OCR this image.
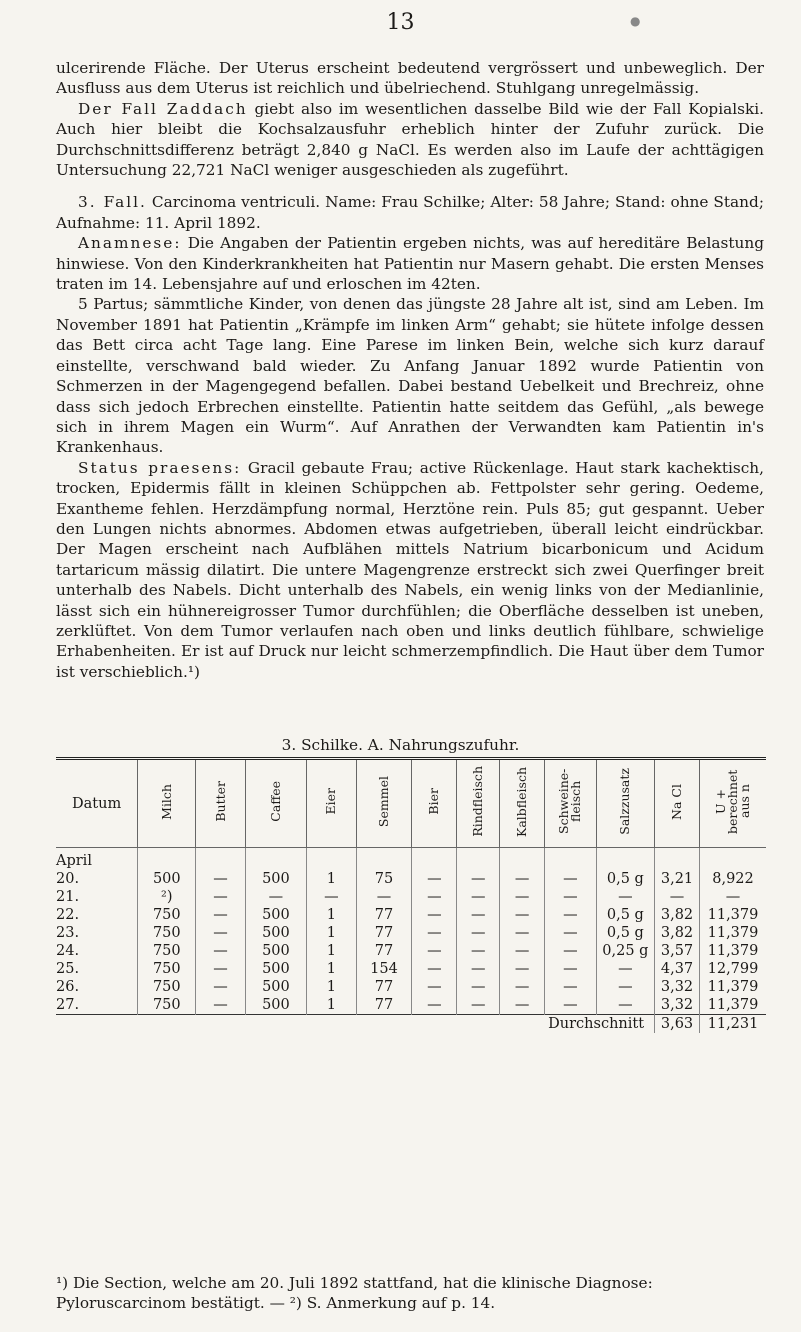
13	●

ulcerirende Fläche. Der Uterus erscheint bedeutend vergrössert und unbeweglich. Der Ausfluss aus dem Uterus ist reichlich und übelriechend. Stuhlgang unregelmässig.

Der Fall Zaddach giebt also im wesentlichen dasselbe Bild wie der Fall Kopialski. Auch hier bleibt die Kochsalzausfuhr erheblich hinter der Zufuhr zurück. Die Durchschnittsdifferenz beträgt 2,840 g NaCl. Es werden also im Laufe der achttägigen Untersuchung 22,721 NaCl weniger ausgeschieden als zugeführt.

3. Fall. Carcinoma ventriculi. Name: Frau Schilke; Alter: 58 Jahre; Stand: ohne Stand; Aufnahme: 11. April 1892.

Anamnese: Die Angaben der Patientin ergeben nichts, was auf hereditäre Belastung hinwiese. Von den Kinderkrankheiten hat Patientin nur Masern gehabt. Die ersten Menses traten im 14. Lebensjahre auf und erloschen im 42ten.

5 Partus; sämmtliche Kinder, von denen das jüngste 28 Jahre alt ist, sind am Leben. Im November 1891 hat Patientin „Krämpfe im linken Arm“ gehabt; sie hütete infolge dessen das Bett circa acht Tage lang. Eine Parese im linken Bein, welche sich kurz darauf einstellte, verschwand bald wieder. Zu Anfang Januar 1892 wurde Patientin von Schmerzen in der Magengegend befallen. Dabei bestand Uebelkeit und Brechreiz, ohne dass sich jedoch Erbrechen einstellte. Patientin hatte seitdem das Gefühl, „als bewege sich in ihrem Magen ein Wurm“. Auf Anrathen der Verwandten kam Patientin in's Krankenhaus.

Status praesens: Gracil gebaute Frau; active Rückenlage. Haut stark kachektisch, trocken, Epidermis fällt in kleinen Schüppchen ab. Fettpolster sehr gering. Oedeme, Exantheme fehlen. Herzdämpfung normal, Herztöne rein. Puls 85; gut gespannt. Ueber den Lungen nichts abnormes. Abdomen etwas aufgetrieben, überall leicht eindrückbar. Der Magen erscheint nach Aufblähen mittels Natrium bicarbonicum und Acidum tartaricum mässig dilatirt. Die untere Magengrenze erstreckt sich zwei Querfinger breit unterhalb des Nabels. Dicht unterhalb des Nabels, ein wenig links von der Medianlinie, lässt sich ein hühnereigrosser Tumor durchfühlen; die Oberfläche desselben ist uneben, zerklüftet. Von dem Tumor verlaufen nach oben und links deutlich fühlbare, schwielige Erhabenheiten. Er ist auf Druck nur leicht schmerzempfindlich. Die Haut über dem Tumor ist verschieblich.¹)

3. Schilke. A. Nahrungszufuhr.
Datum	Milch	Butter	Caffee	Eier	Semmel	Bier	Rindfleisch	Kalbfleisch	Schweine-fleisch	Salzzusatz	Na Cl	U + berechnet aus n
April												
20.	500	—	500	1	75	—	—	—	—	0,5 g	3,21	8,922
21.	²)	—	—	—	—	—	—	—	—	—	—	—
22.	750	—	500	1	77	—	—	—	—	0,5 g	3,82	11,379
23.	750	—	500	1	77	—	—	—	—	0,5 g	3,82	11,379
24.	750	—	500	1	77	—	—	—	—	0,25 g	3,57	11,379
25.	750	—	500	1	154	—	—	—	—	—	4,37	12,799
26.	750	—	500	1	77	—	—	—	—	—	3,32	11,379
27.	750	—	500	1	77	—	—	—	—	—	3,32	11,379
	Durchschnitt										3,63	11,231

¹) Die Section, welche am 20. Juli 1892 stattfand, hat die klinische Diagnose: Pyloruscarcinom bestätigt. — ²) S. Anmerkung auf p. 14.
